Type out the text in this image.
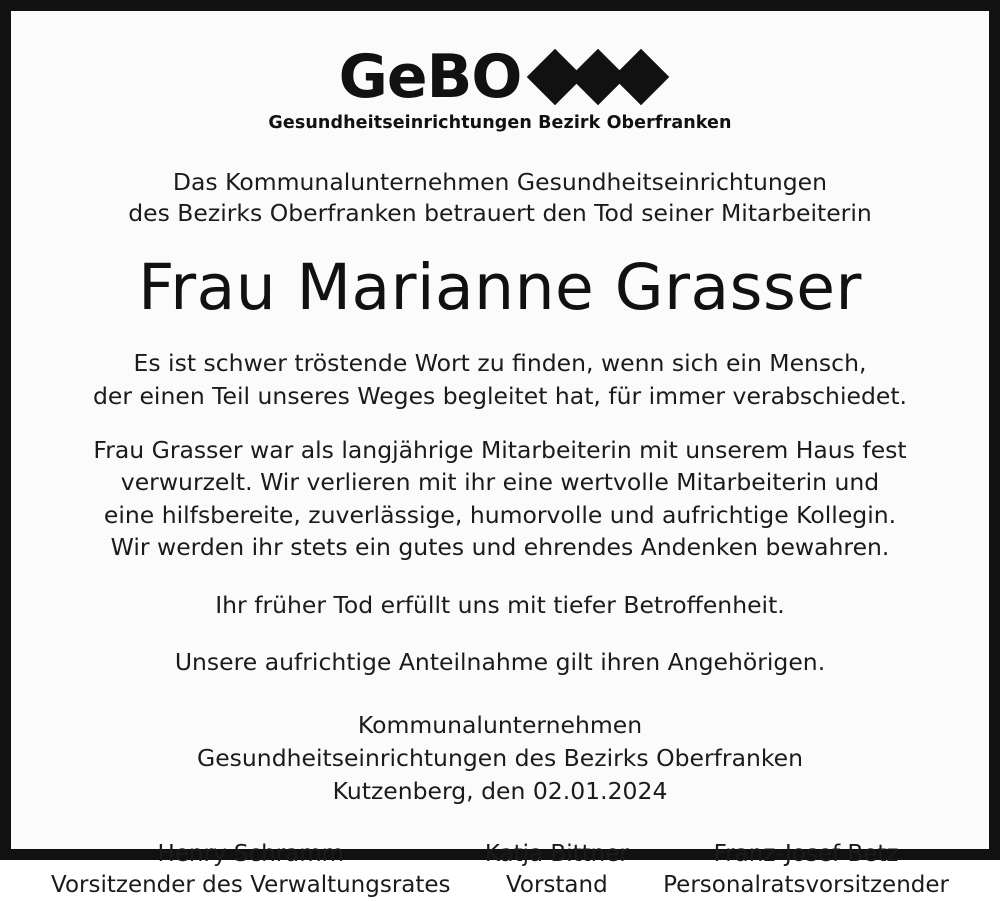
GeBO
Gesundheitseinrichtungen Bezirk Oberfranken
Das Kommunalunternehmen Gesundheitseinrichtungen
des Bezirks Oberfranken betrauert den Tod seiner Mitarbeiterin
Frau Marianne Grasser
Es ist schwer tröstende Wort zu finden, wenn sich ein Mensch,
der einen Teil unseres Weges begleitet hat, für immer verabschiedet.
Frau Grasser war als langjährige Mitarbeiterin mit unserem Haus fest
verwurzelt. Wir verlieren mit ihr eine wertvolle Mitarbeiterin und
eine hilfsbereite, zuverlässige, humorvolle und aufrichtige Kollegin.
Wir werden ihr stets ein gutes und ehrendes Andenken bewahren.
Ihr früher Tod erfüllt uns mit tiefer Betroffenheit.
Unsere aufrichtige Anteilnahme gilt ihren Angehörigen.
Kommunalunternehmen
Gesundheitseinrichtungen des Bezirks Oberfranken
Kutzenberg, den 02.01.2024
Henry Schramm
Vorsitzender des Verwaltungsrates
Katja Bittner
Vorstand
Franz-Josef Betz
Personalratsvorsitzender
